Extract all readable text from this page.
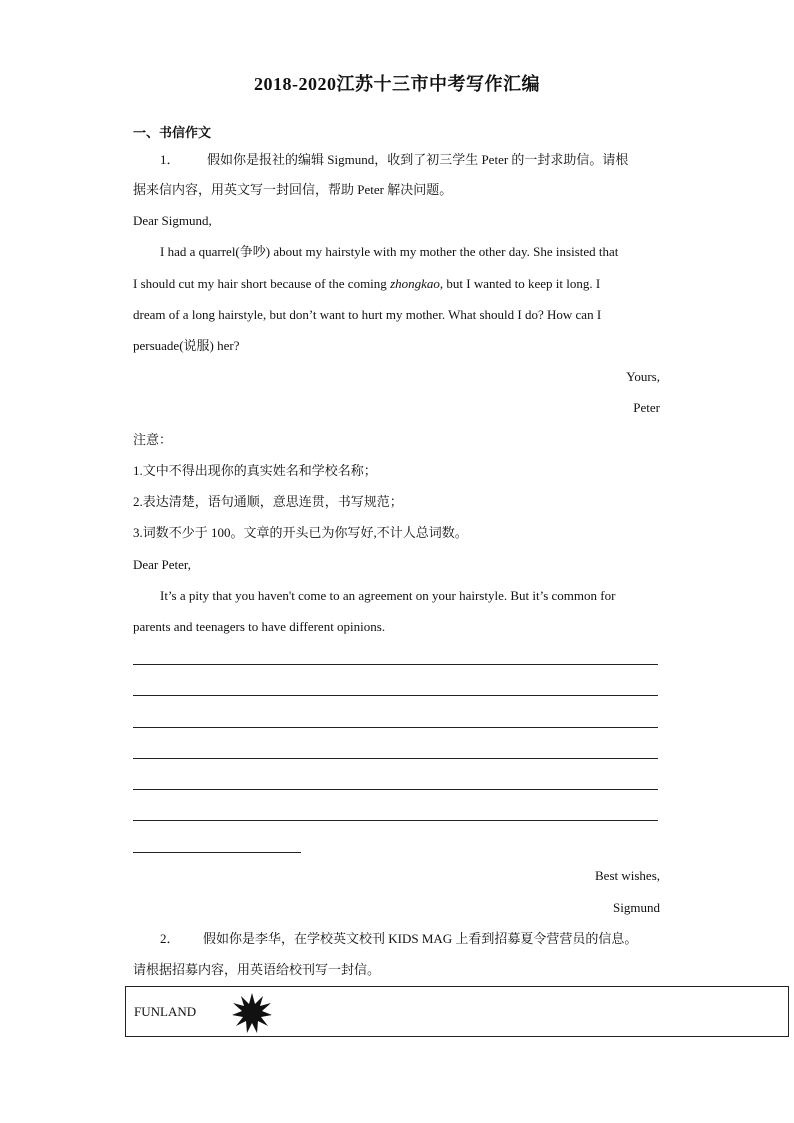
2018-2020江苏十三市中考写作汇编
一、书信作文
1． 假如你是报社的编辑 Sigmund，收到了初三学生 Peter 的一封求助信。请根
据来信内容，用英文写一封回信，帮助 Peter 解决问题。
Dear Sigmund,
I had a quarrel(争吵) about my hairstyle with my mother the other day. She insisted that
I should cut my hair short because of the coming zhongkao, but I wanted to keep it long. I
dream of a long hairstyle, but don’t want to hurt my mother. What should I do? How can I
persuade(说服) her?
Yours,
Peter
注意：
1.文中不得出现你的真实姓名和学校名称；
2.表达清楚，语句通顺，意思连贯，书写规范；
3.词数不少于 100。文章的开头已为你写好,不计人总词数。
Dear Peter,
It’s a pity that you haven't come to an agreement on your hairstyle. But it’s common for
parents and teenagers to have different opinions.
Best wishes,
Sigmund
2． 假如你是李华，在学校英文校刊 KIDS MAG 上看到招募夏令营营员的信息。
请根据招募内容，用英语给校刊写一封信。
FUNLAND
